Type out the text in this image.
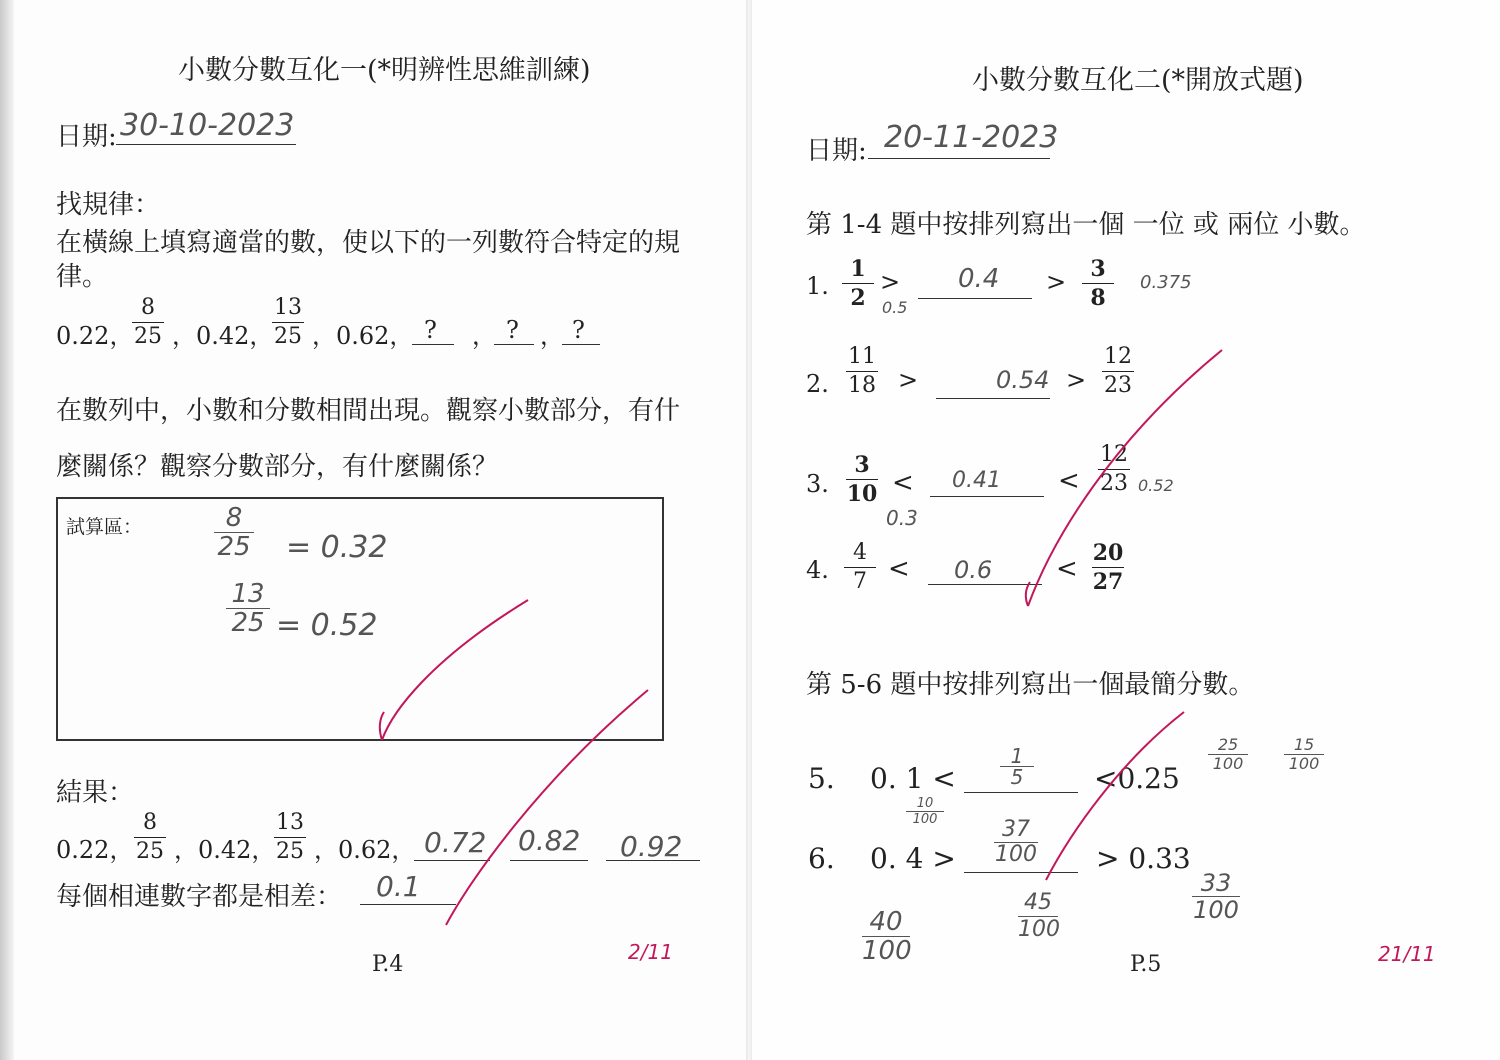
小數分數互化一(*明辨性思維訓練)
日期: 30-10-2023
找規律：
在橫線上填寫適當的數，使以下的一列數符合特定的規
律。
0.22，
8
25 ，0.42，
13
25 ，0.62， ? ， ? ， ?
在數列中，小數和分數相間出現。觀察小數部分，有什
麼關係？觀察分數部分，有什麼關係？
試算區：	8
25 = 0.32
13
25 = 0.52
結果：
0.22，
8
25 ，0.42，
13
25 ，0.62， 0.72 0.82 0.92
每個相連數字都是相差： 0.1
P.4	2/11
小數分數互化二(*開放式題)
日期: 20-11-2023
第 1-4 題中按排列寫出一個 一位 或 兩位 小數。
1.
1
2
>
0.5
0.4 >	3
8
0.375
2.
11
18 >	0.54 >
12
23
3.
3
10 <
0.3
0.41 <
12
23 0.52
4.
4
7 < 0.6 <
20
27
第 5-6 題中按排列寫出一個最簡分數。
5. 0. 1 <
1
5	<0.25
10
100
25
100
15
100
6. 0. 4 >
37
100 > 0.33
40
100
45
100
33
100
P.5	21/11
